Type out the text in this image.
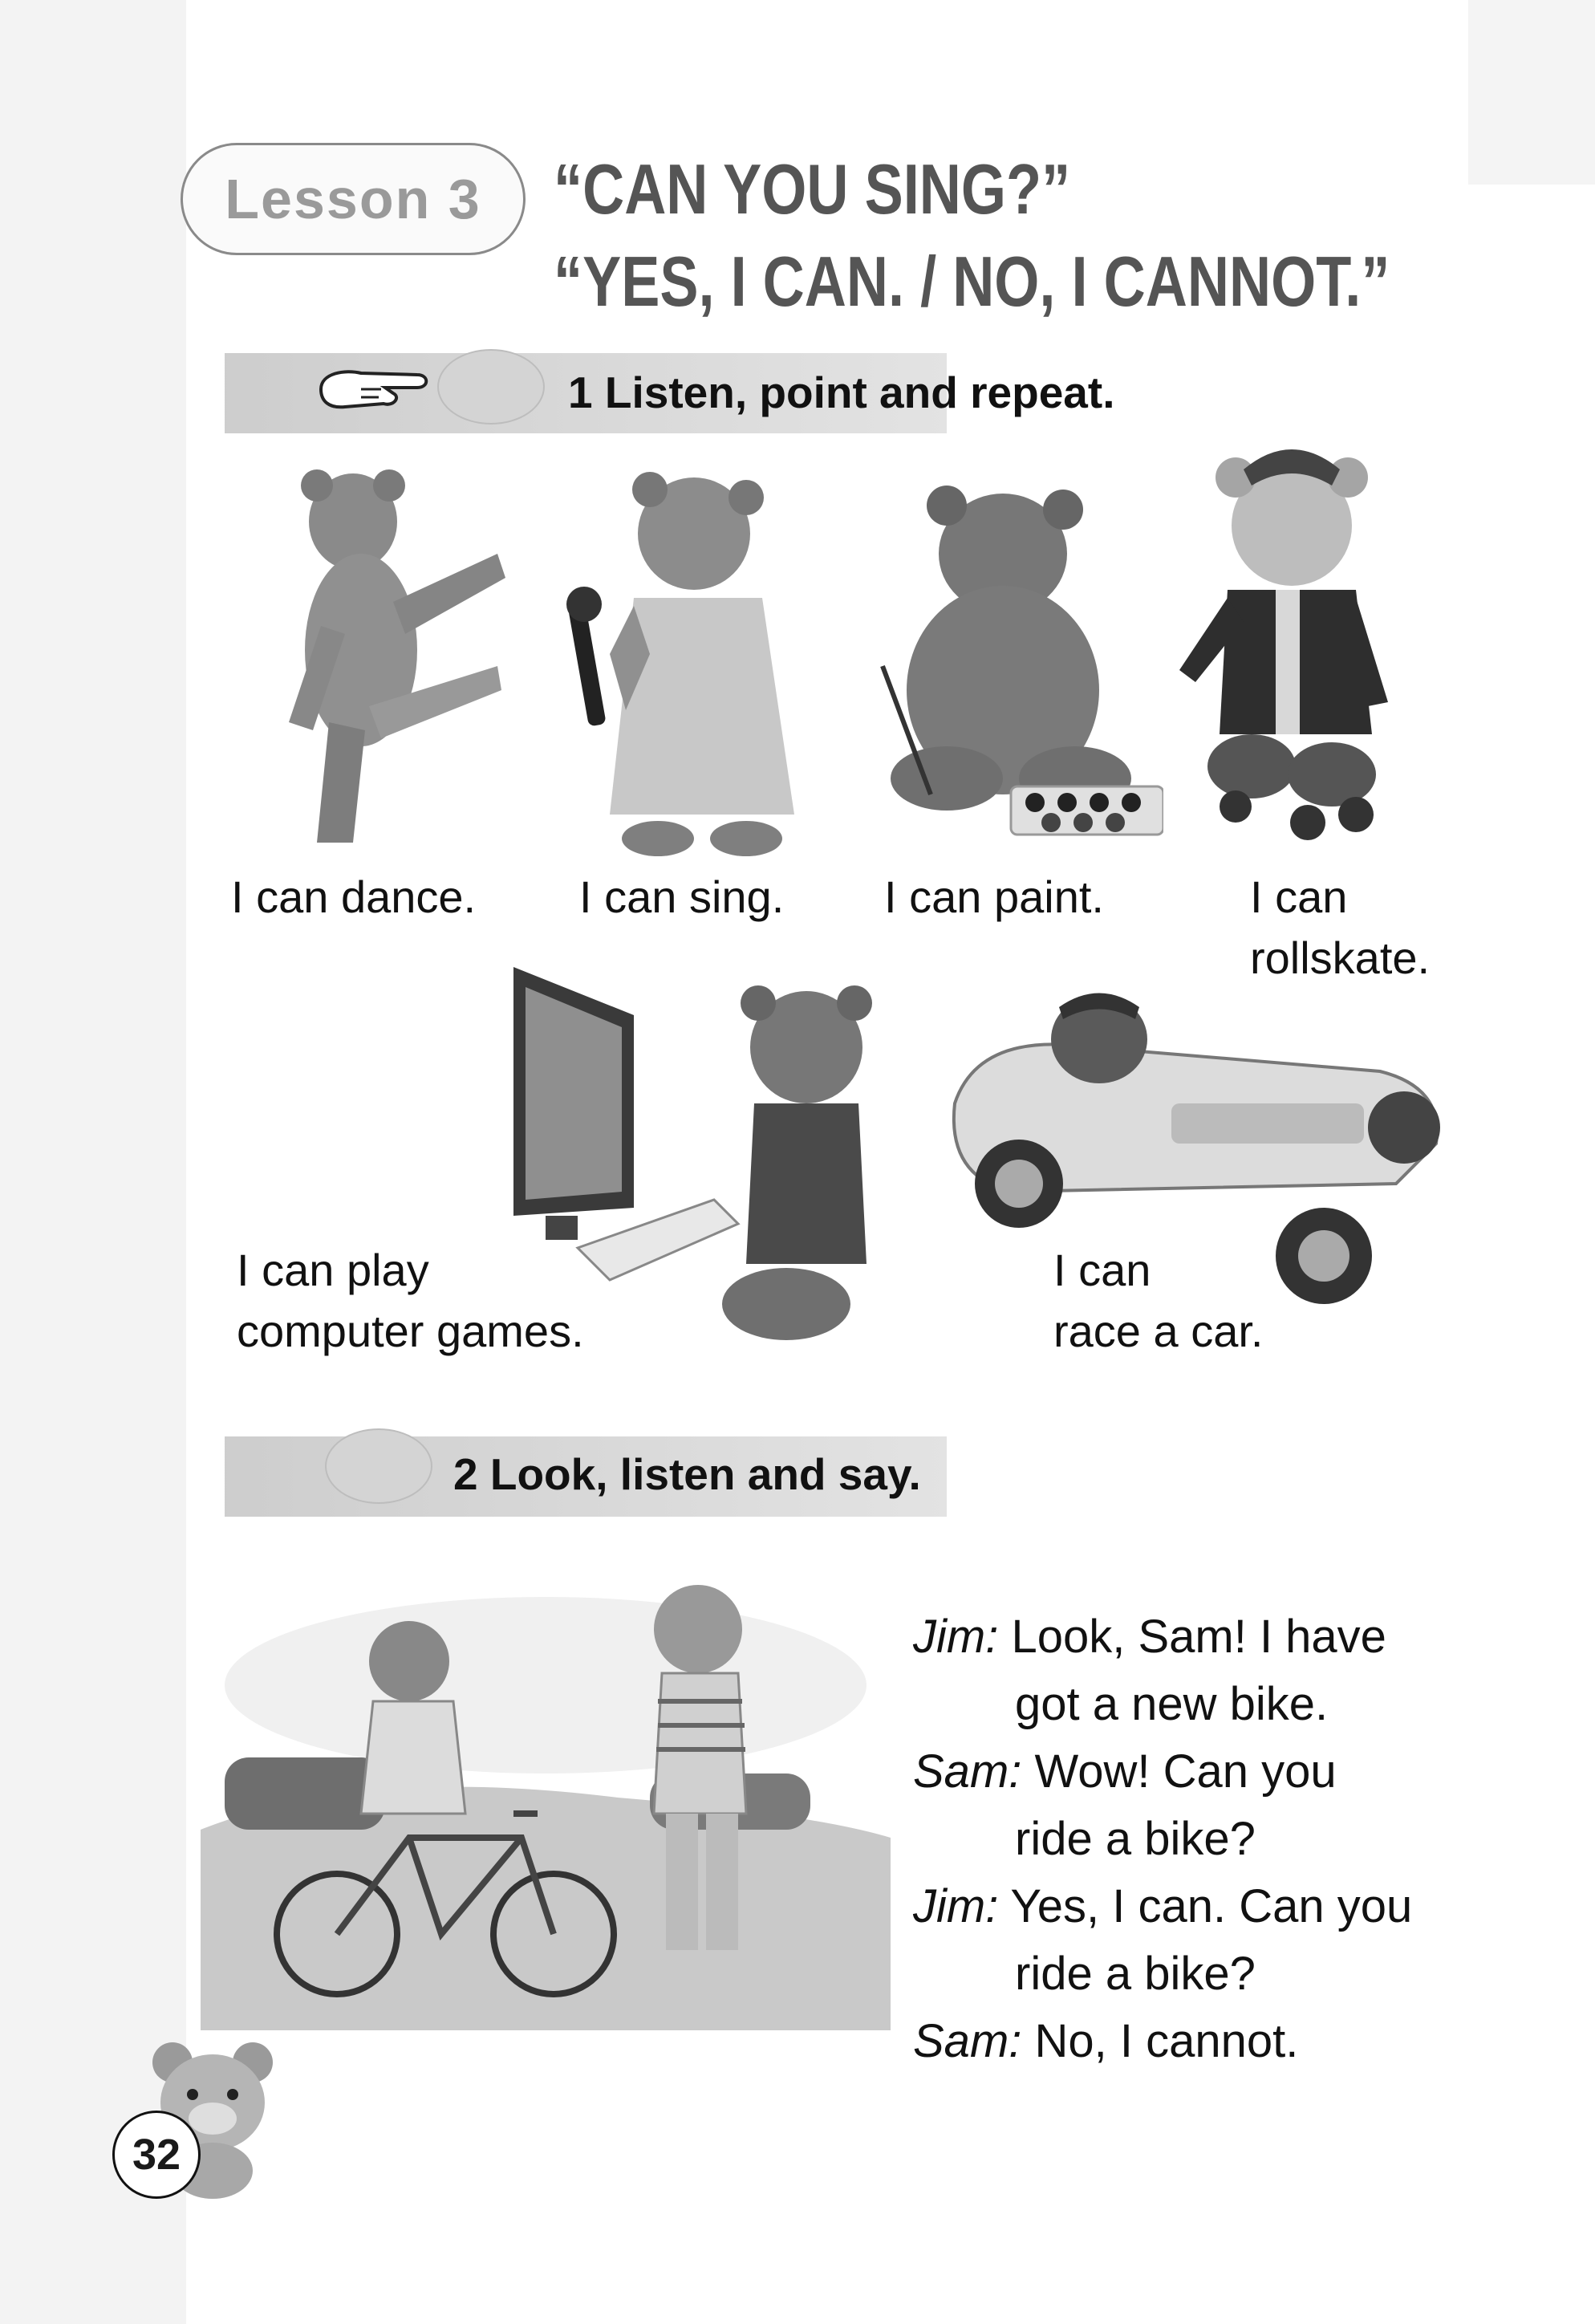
Lesson 3 “CAN YOU SING?”
“YES, I CAN. / NO, I CANNOT.”
1 Listen, point and repeat.
I can dance. I can sing. I can paint.	I can
rollskate.
I can play
computer games.
I can
race a car.
2 Look, listen and say.
Jim: Look, Sam! I have
got a new bike.
Sam: Wow! Can you
ride a bike?
Jim: Yes, I can. Can you
ride a bike?
Sam: No, I cannot.
32
